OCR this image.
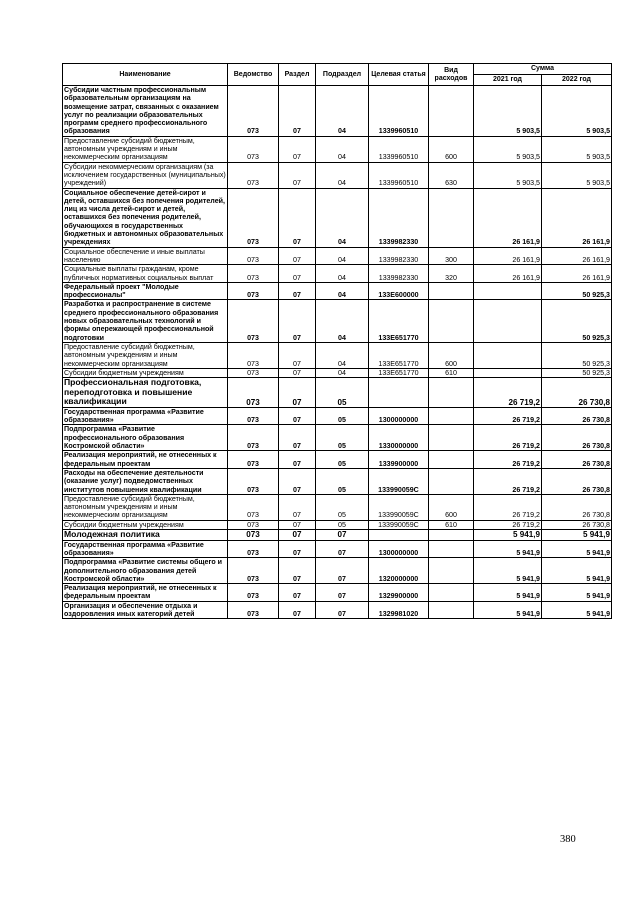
Наименование	Ведомство	Раздел	Подраздел	Целевая статья	Вид расходов	Сумма	
						2021 год	2022 год
Субсидии частным профессиональным образовательным организациям на возмещение затрат, связанных с оказанием услуг по реализации образовательных программ среднего профессионального образования	073	07	04	1339960510		5 903,5	5 903,5
Предоставление субсидий бюджетным, автономным учреждениям и иным некоммерческим организациям	073	07	04	1339960510	600	5 903,5	5 903,5
Субсидии некоммерческим организациям (за исключением государственных (муниципальных) учреждений)	073	07	04	1339960510	630	5 903,5	5 903,5
Социальное обеспечение детей-сирот и детей, оставшихся без попечения родителей, лиц из числа детей-сирот и детей, оставшихся без попечения родителей, обучающихся в государственных бюджетных и автономных образовательных учреждениях	073	07	04	1339982330		26 161,9	26 161,9
Социальное обеспечение и иные выплаты населению	073	07	04	1339982330	300	26 161,9	26 161,9
Социальные выплаты гражданам, кроме публичных нормативных социальных выплат	073	07	04	1339982330	320	26 161,9	26 161,9
Федеральный проект "Молодые профессионалы"	073	07	04	133Е600000			50 925,3
Разработка и распространение в системе среднего профессионального образования новых образовательных технологий и формы опережающей профессиональной подготовки	073	07	04	133Е651770			50 925,3
Предоставление субсидий бюджетным, автономным учреждениям и иным некоммерческим организациям	073	07	04	133Е651770	600		50 925,3
Субсидии бюджетным учреждениям	073	07	04	133Е651770	610		50 925,3
Профессиональная подготовка, переподготовка и повышение квалификации	073	07	05			26 719,2	26 730,8
Государственная программа «Развитие образования»	073	07	05	1300000000		26 719,2	26 730,8
Подпрограмма «Развитие профессионального образования Костромской области»	073	07	05	1330000000		26 719,2	26 730,8
Реализация мероприятий, не отнесенных к федеральным проектам	073	07	05	1339900000		26 719,2	26 730,8
Расходы на обеспечение деятельности (оказание услуг) подведомственных институтов повышения квалификации	073	07	05	133990059С		26 719,2	26 730,8
Предоставление субсидий бюджетным, автономным учреждениям и иным некоммерческим организациям	073	07	05	133990059С	600	26 719,2	26 730,8
Субсидии бюджетным учреждениям	073	07	05	133990059С	610	26 719,2	26 730,8
Молодежная политика	073	07	07			5 941,9	5 941,9
Государственная программа «Развитие образования»	073	07	07	1300000000		5 941,9	5 941,9
Подпрограмма «Развитие системы общего и дополнительного образования детей Костромской области»	073	07	07	1320000000		5 941,9	5 941,9
Реализация мероприятий, не отнесенных к федеральным проектам	073	07	07	1329900000		5 941,9	5 941,9
Организация и обеспечение отдыха и оздоровления иных категорий детей	073	07	07	1329981020		5 941,9	5 941,9
380
